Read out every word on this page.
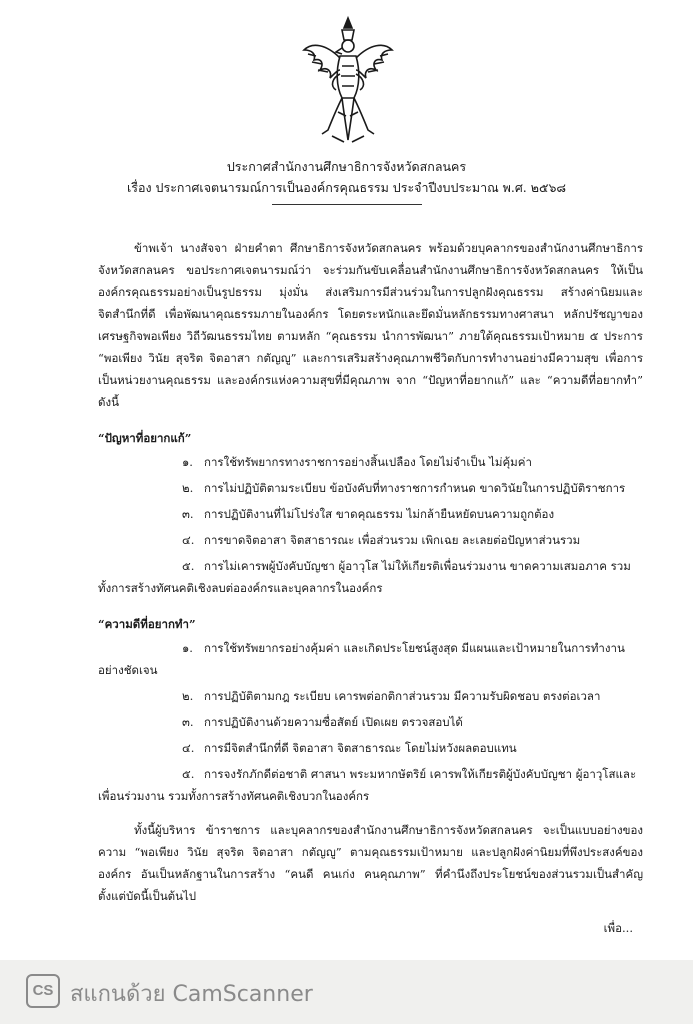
ประกาศสำนักงานศึกษาธิการจังหวัดสกลนคร
เรื่อง ประกาศเจตนารมณ์การเป็นองค์กรคุณธรรม ประจำปีงบประมาณ พ.ศ. ๒๕๖๘

ข้าพเจ้า นางสัจจา ฝ่ายคำตา ศึกษาธิการจังหวัดสกลนคร พร้อมด้วยบุคลากรของสำนักงานศึกษาธิการจังหวัดสกลนคร ขอประกาศเจตนารมณ์ว่า จะร่วมกันขับเคลื่อนสำนักงานศึกษาธิการจังหวัดสกลนคร ให้เป็นองค์กรคุณธรรมอย่างเป็นรูปธรรม มุ่งมั่น ส่งเสริมการมีส่วนร่วมในการปลูกฝังคุณธรรม สร้างค่านิยมและจิตสำนึกที่ดี เพื่อพัฒนาคุณธรรมภายในองค์กร โดยตระหนักและยึดมั่นหลักธรรมทางศาสนา หลักปรัชญาของเศรษฐกิจพอเพียง วิถีวัฒนธรรมไทย ตามหลัก “คุณธรรม นำการพัฒนา” ภายใต้คุณธรรมเป้าหมาย ๕ ประการ “พอเพียง วินัย สุจริต จิตอาสา กตัญญู” และการเสริมสร้างคุณภาพชีวิตกับการทำงานอย่างมีความสุข เพื่อการเป็นหน่วยงานคุณธรรม และองค์กรแห่งความสุขที่มีคุณภาพ จาก “ปัญหาที่อยากแก้” และ “ความดีที่อยากทำ” ดังนี้

“ปัญหาที่อยากแก้”

๑. การใช้ทรัพยากรทางราชการอย่างสิ้นเปลือง โดยไม่จำเป็น ไม่คุ้มค่า
๒. การไม่ปฏิบัติตามระเบียบ ข้อบังคับที่ทางราชการกำหนด ขาดวินัยในการปฏิบัติราชการ
๓. การปฏิบัติงานที่ไม่โปร่งใส ขาดคุณธรรม ไม่กล้ายืนหยัดบนความถูกต้อง
๔. การขาดจิตอาสา จิตสาธารณะ เพื่อส่วนรวม เพิกเฉย ละเลยต่อปัญหาส่วนรวม
๕. การไม่เคารพผู้บังคับบัญชา ผู้อาวุโส ไม่ให้เกียรติเพื่อนร่วมงาน ขาดความเสมอภาค รวมทั้งการสร้างทัศนคติเชิงลบต่อองค์กรและบุคลากรในองค์กร

“ความดีที่อยากทำ”

๑. การใช้ทรัพยากรอย่างคุ้มค่า และเกิดประโยชน์สูงสุด มีแผนและเป้าหมายในการทำงานอย่างชัดเจน
๒. การปฏิบัติตามกฎ ระเบียบ เคารพต่อกติกาส่วนรวม มีความรับผิดชอบ ตรงต่อเวลา
๓. การปฏิบัติงานด้วยความซื่อสัตย์ เปิดเผย ตรวจสอบได้
๔. การมีจิตสำนึกที่ดี จิตอาสา จิตสาธารณะ โดยไม่หวังผลตอบแทน
๕. การจงรักภักดีต่อชาติ ศาสนา พระมหากษัตริย์ เคารพให้เกียรติผู้บังคับบัญชา ผู้อาวุโสและเพื่อนร่วมงาน รวมทั้งการสร้างทัศนคติเชิงบวกในองค์กร

ทั้งนี้ผู้บริหาร ข้าราชการ และบุคลากรของสำนักงานศึกษาธิการจังหวัดสกลนคร จะเป็นแบบอย่างของความ “พอเพียง วินัย สุจริต จิตอาสา กตัญญู” ตามคุณธรรมเป้าหมาย และปลูกฝังค่านิยมที่พึงประสงค์ขององค์กร อันเป็นหลักฐานในการสร้าง “คนดี คนเก่ง คนคุณภาพ” ที่คำนึงถึงประโยชน์ของส่วนรวมเป็นสำคัญ ตั้งแต่บัดนี้เป็นต้นไป

เพื่อ...
CS สแกนด้วย CamScanner
